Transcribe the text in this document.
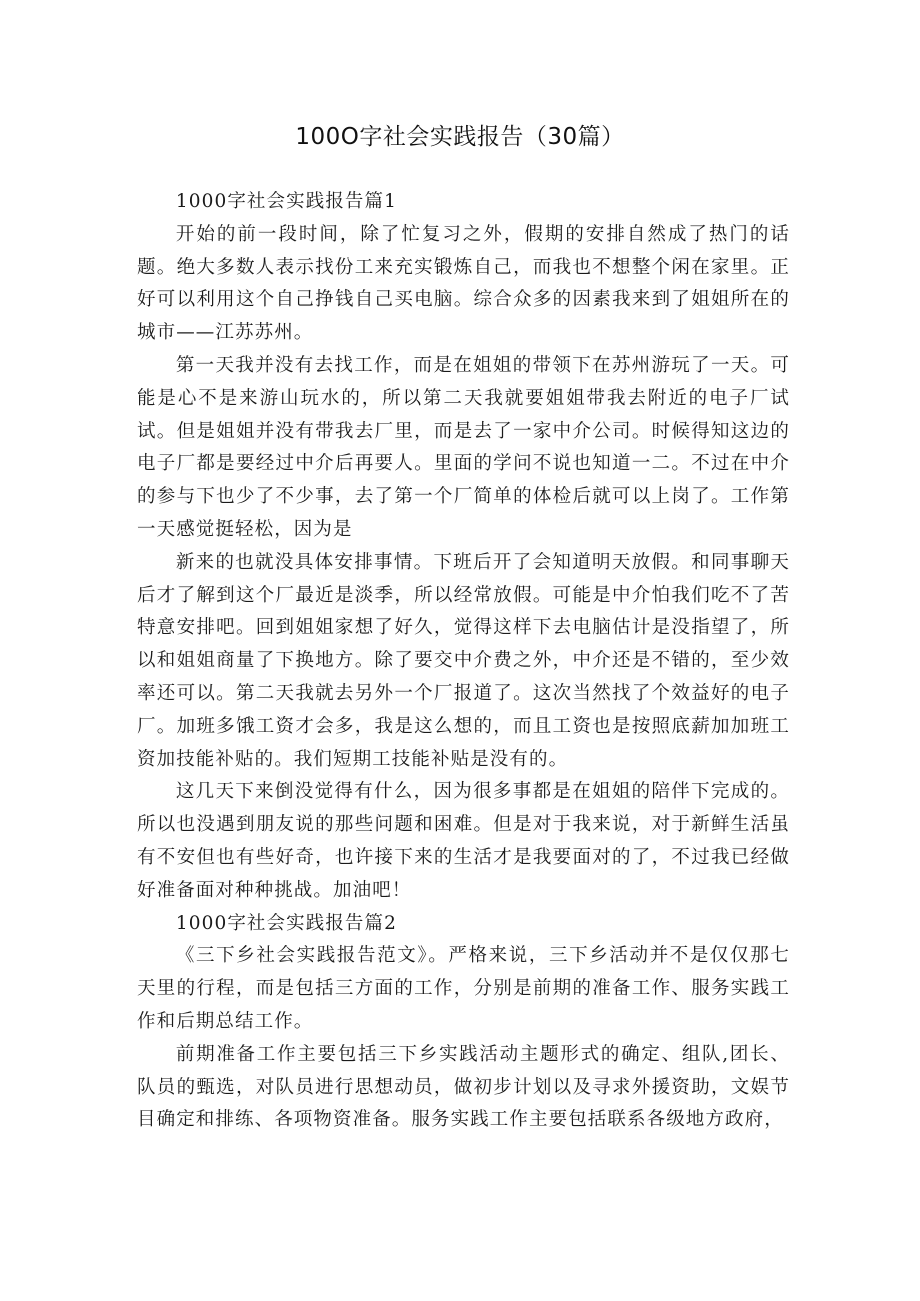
100O字社会实践报告（30篇）

1000字社会实践报告篇1

开始的前一段时间，除了忙复习之外，假期的安排自然成了热门的话题。绝大多数人表示找份工来充实锻炼自己，而我也不想整个闲在家里。正好可以利用这个自己挣钱自己买电脑。综合众多的因素我来到了姐姐所在的城市——江苏苏州。

第一天我并没有去找工作，而是在姐姐的带领下在苏州游玩了一天。可能是心不是来游山玩水的，所以第二天我就要姐姐带我去附近的电子厂试试。但是姐姐并没有带我去厂里，而是去了一家中介公司。时候得知这边的电子厂都是要经过中介后再要人。里面的学问不说也知道一二。不过在中介的参与下也少了不少事，去了第一个厂简单的体检后就可以上岗了。工作第一天感觉挺轻松，因为是

新来的也就没具体安排事情。下班后开了会知道明天放假。和同事聊天后才了解到这个厂最近是淡季，所以经常放假。可能是中介怕我们吃不了苦特意安排吧。回到姐姐家想了好久，觉得这样下去电脑估计是没指望了，所以和姐姐商量了下换地方。除了要交中介费之外，中介还是不错的，至少效率还可以。第二天我就去另外一个厂报道了。这次当然找了个效益好的电子厂。加班多饿工资才会多，我是这么想的，而且工资也是按照底薪加加班工资加技能补贴的。我们短期工技能补贴是没有的。

这几天下来倒没觉得有什么，因为很多事都是在姐姐的陪伴下完成的。所以也没遇到朋友说的那些问题和困难。但是对于我来说，对于新鲜生活虽有不安但也有些好奇，也许接下来的生活才是我要面对的了，不过我已经做好准备面对种种挑战。加油吧！

1000字社会实践报告篇2

《三下乡社会实践报告范文》。严格来说，三下乡活动并不是仅仅那七天里的行程，而是包括三方面的工作，分别是前期的准备工作、服务实践工作和后期总结工作。

前期准备工作主要包括三下乡实践活动主题形式的确定、组队,团长、队员的甄选，对队员进行思想动员，做初步计划以及寻求外援资助，文娱节目确定和排练、各项物资准备。服务实践工作主要包括联系各级地方政府，
